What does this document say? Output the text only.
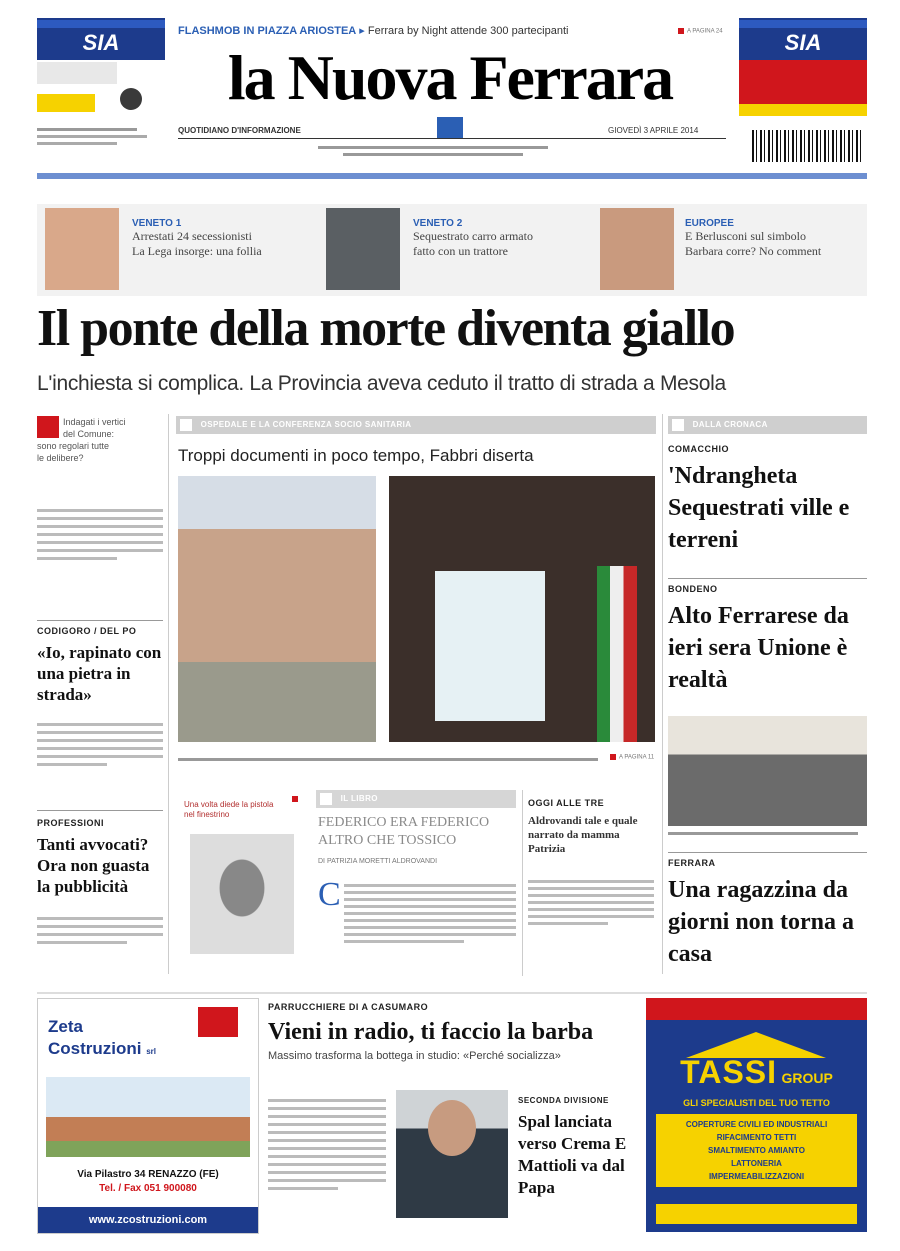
SIA	FLASHMOB IN PIAZZA ARIOSTEA ▸ Ferrara by Night attende 300 partecipanti	A PAGINA 24
la Nuova Ferrara
QUOTIDIANO D'INFORMAZIONE	GIOVEDÌ 3 APRILE 2014
SIA
VENETO 1
Arrestati 24 secessionisti
La Lega insorge: una follia
VENETO 2
Sequestrato carro armato
fatto con un trattore
EUROPEE
E Berlusconi sul simbolo
Barbara corre? No comment
Il ponte della morte diventa giallo
L'inchiesta si complica. La Provincia aveva ceduto il tratto di strada a Mesola
Indagati i vertici
del Comune:
sono regolari tutte
le delibere?
CODIGORO / DEL PO
«Io, rapinato con una pietra in strada»
PROFESSIONI
Tanti avvocati? Ora non guasta la pubblicità
OSPEDALE E LA CONFERENZA SOCIO SANITARIA
Troppi documenti in poco tempo, Fabbri diserta
A PAGINA 11
Una volta diede la pistola nel finestrino
IL LIBRO
FEDERICO ERA FEDERICO ALTRO CHE TOSSICO
DI PATRIZIA MORETTI ALDROVANDI
C
OGGI ALLE TRE
Aldrovandi tale e quale narrato da mamma Patrizia
DALLA CRONACA
COMACCHIO
'Ndrangheta Sequestrati ville e terreni
BONDENO
Alto Ferrarese da ieri sera Unione è realtà
FERRARA
Una ragazzina da giorni non torna a casa
Zeta
Costruzioni srl
Via Pilastro 34 RENAZZO (FE)
Tel. / Fax 051 900080
www.zcostruzioni.com
PARRUCCHIERE DI A CASUMARO
Vieni in radio, ti faccio la barba
Massimo trasforma la bottega in studio: «Perché socializza»
SECONDA DIVISIONE
Spal lanciata verso Crema E Mattioli va dal Papa
TASSI GROUP
GLI SPECIALISTI DEL TUO TETTO
COPERTURE CIVILI ED INDUSTRIALI
RIFACIMENTO TETTI
SMALTIMENTO AMIANTO
LATTONERIA
IMPERMEABILIZZAZIONI
